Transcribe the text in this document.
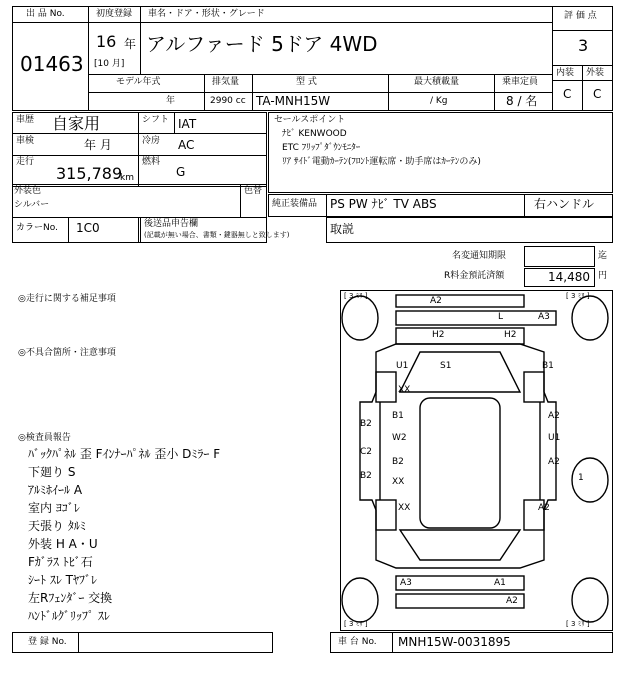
出 品 No.
01463
初度登録
16 年
[10 月]
車名・ドア・形状・グレード
アルファード 5ドア 4WD
評 価 点
3
内装 外装
C C
モデル年式
年
排気量
2990 cc
型 式
TA-MNH15W
最大積載量
/ Kg
乗車定員
8 / 名
車歴 自家用	シフト IAT
車検	年 月	冷房 AC
走行
315,789
km
燃料
G
外装色
シルバー
色替
カラーNo. 1C0	後送品申告欄
(記載が無い場合、書類・鍵器無しと致します)
セールスポイント
ﾅﾋﾞ KENWOOD
ETC ﾌﾘｯﾌﾟﾀﾞｳﾝﾓﾆﾀｰ
ﾘｱ ｻｲﾄﾞ電動ｶｰﾃﾝ(ﾌﾛﾝﾄ運転席・助手席はｶｰﾃﾝのみ)
純正装備品 PS PW ﾅﾋﾞ TV ABS	右ハンドル
取説
名変通知期限	迄
R料金預託済額	14,480 円
◎走行に関する補足事項
◎不具合箇所・注意事項
◎検査員報告
ﾊﾞｯｸﾊﾟﾈﾙ 歪 Fｲﾝﾅｰﾊﾟﾈﾙ 歪小 Dﾐﾗｰ F
下廻り S
ｱﾙﾐﾎｲｰﾙ A
室内 ﾖｺﾞﾚ
天張り ﾀﾙﾐ
外装 H A・U
Fｶﾞﾗｽ ﾄﾋﾞ石
ｼｰﾄ ｽﾚ Tﾔﾌﾞﾚ
左Rﾌｪﾝﾀﾞｰ 交換
ﾊﾝﾄﾞﾙｸﾞﾘｯﾌﾟ ｽﾚ
[ 3 ﾐﾘ ]	[ 3 ﾐﾘ ]
[ 3 ﾐﾘ ]	[ 3 ﾐﾘ ]
A2
L	A3
H2	H2
U1	S1	B1
XX
B2
B1	A2
W2	U1
C2
B2	A2
B2
XX	1
XX	A2
A3	A1
A2
登 録 No.	車 台 No. MNH15W-0031895
